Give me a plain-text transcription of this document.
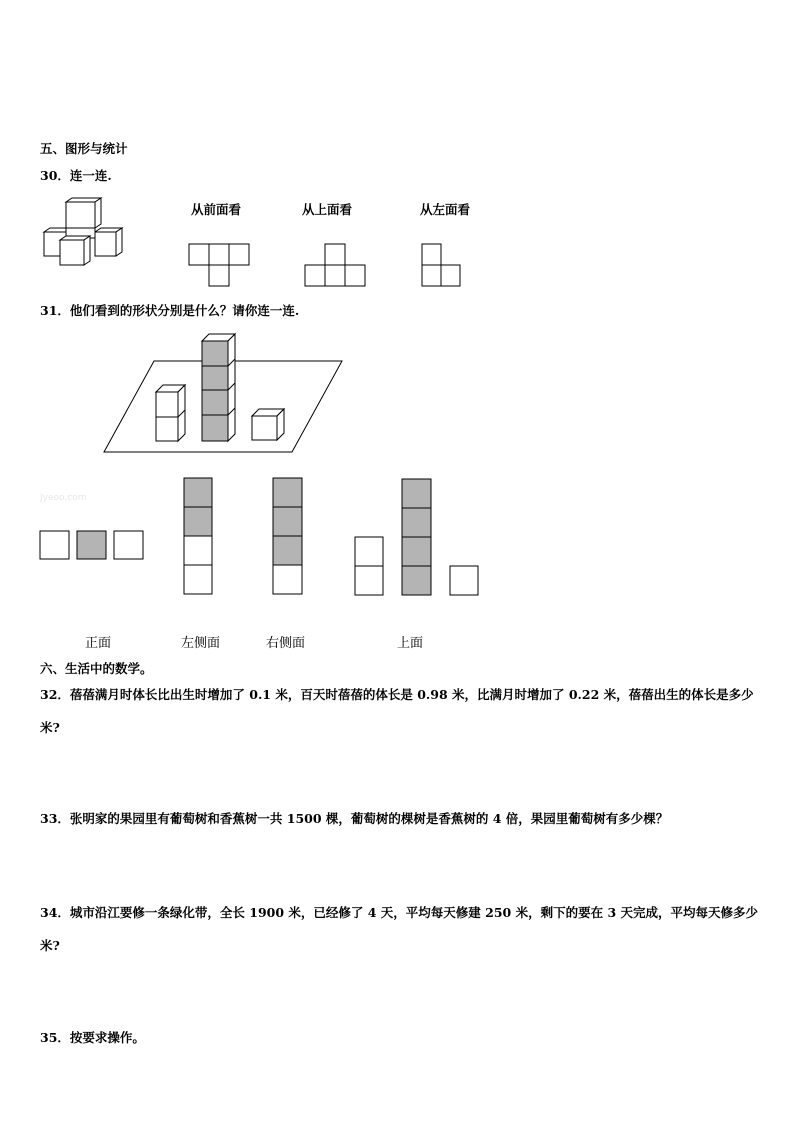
五、图形与统计
30．连一连.
从前面看	从上面看	从左面看
31．他们看到的形状分别是什么？请你连一连.
Jyeoo.com
正面	左侧面	右侧面	上面
六、生活中的数学。
32．蓓蓓满月时体长比出生时增加了 0.1 米，百天时蓓蓓的体长是 0.98 米，比满月时增加了 0.22 米，蓓蓓出生的体长是多少米?
33．张明家的果园里有葡萄树和香蕉树一共 1500 棵，葡萄树的棵树是香蕉树的 4 倍，果园里葡萄树有多少棵？
34．城市沿江要修一条绿化带，全长 1900 米，已经修了 4 天，平均每天修建 250 米，剩下的要在 3 天完成，平均每天修多少米?
35．按要求操作。
